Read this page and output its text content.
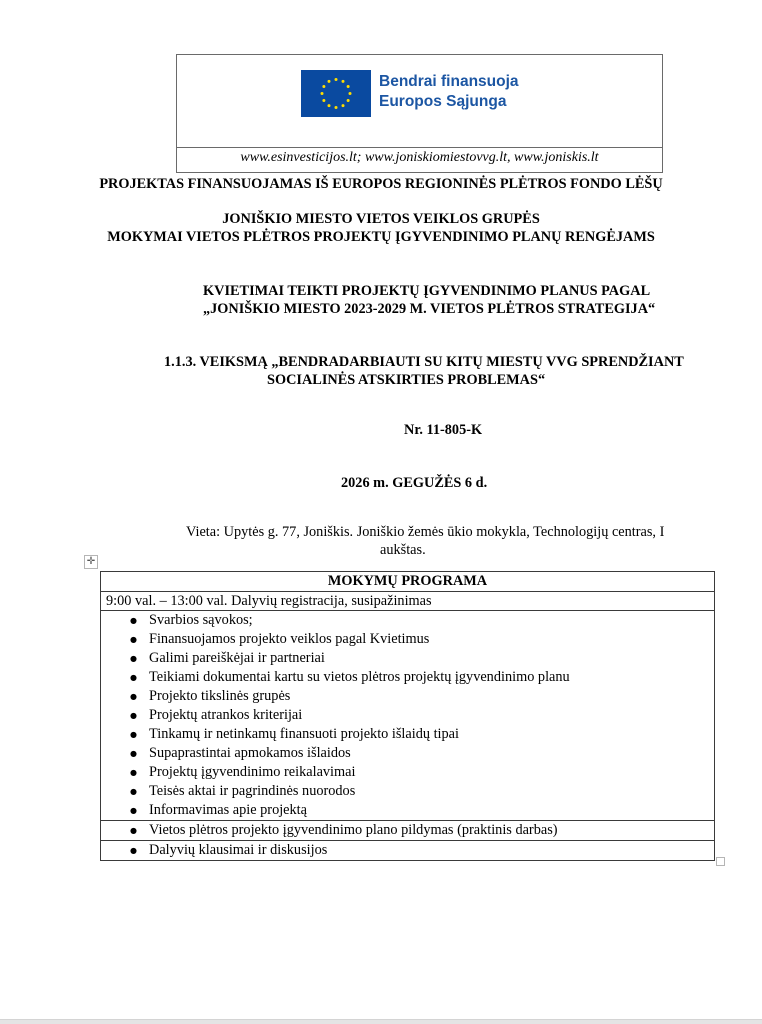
Bendrai finansuoja
Europos Sąjunga
www.esinvesticijos.lt; www.joniskiomiestovvg.lt, www.joniskis.lt
PROJEKTAS FINANSUOJAMAS IŠ EUROPOS REGIONINĖS PLĖTROS FONDO LĖŠŲ
JONIŠKIO MIESTO VIETOS VEIKLOS GRUPĖS
MOKYMAI VIETOS PLĖTROS PROJEKTŲ ĮGYVENDINIMO PLANŲ RENGĖJAMS
KVIETIMAI TEIKTI PROJEKTŲ ĮGYVENDINIMO PLANUS PAGAL
„JONIŠKIO MIESTO 2023-2029 M. VIETOS PLĖTROS STRATEGIJA“
1.1.3. VEIKSMĄ „BENDRADARBIAUTI SU KITŲ MIESTŲ VVG SPRENDŽIANT
SOCIALINĖS ATSKIRTIES PROBLEMAS“
Nr. 11-805-K
2026 m. GEGUŽĖS 6 d.
Vieta: Upytės g. 77, Joniškis. Joniškio žemės ūkio mokykla, Technologijų centras, I
aukštas.
✛
MOKYMŲ PROGRAMA
9:00 val. – 13:00 val. Dalyvių registracija, susipažinimas

● Svarbios sąvokos;
● Finansuojamos projekto veiklos pagal Kvietimus
● Galimi pareiškėjai ir partneriai
● Teikiami dokumentai kartu su vietos plėtros projektų įgyvendinimo planu
● Projekto tikslinės grupės
● Projektų atrankos kriterijai
● Tinkamų ir netinkamų finansuoti projekto išlaidų tipai
● Supaprastintai apmokamos išlaidos
● Projektų įgyvendinimo reikalavimai
● Teisės aktai ir pagrindinės nuorodos
● Informavimas apie projektą

● Vietos plėtros projekto įgyvendinimo plano pildymas (praktinis darbas)

● Dalyvių klausimai ir diskusijos
